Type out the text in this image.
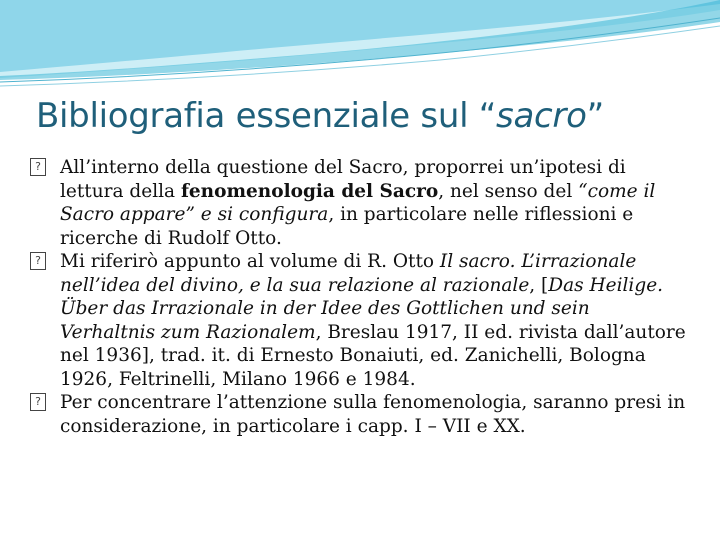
Bibliografia essenziale sul “sacro”

? All’interno della questione del Sacro, proporrei un’ipotesi di lettura della fenomenologia del Sacro, nel senso del “come il Sacro appare” e si configura, in particolare nelle riflessioni e ricerche di Rudolf Otto.

? Mi riferirò appunto al volume di R. Otto Il sacro. L’irrazionale nell’idea del divino, e la sua relazione al razionale, [Das Heilige. Über das Irrazionale in der Idee des Gottlichen und sein Verhaltnis zum Razionalem, Breslau 1917, II ed. rivista dall’autore nel 1936], trad. it. di Ernesto Bonaiuti, ed. Zanichelli, Bologna 1926, Feltrinelli, Milano 1966 e 1984.

? Per concentrare l’attenzione sulla fenomenologia, saranno presi in considerazione, in particolare i capp. I – VII e XX.
